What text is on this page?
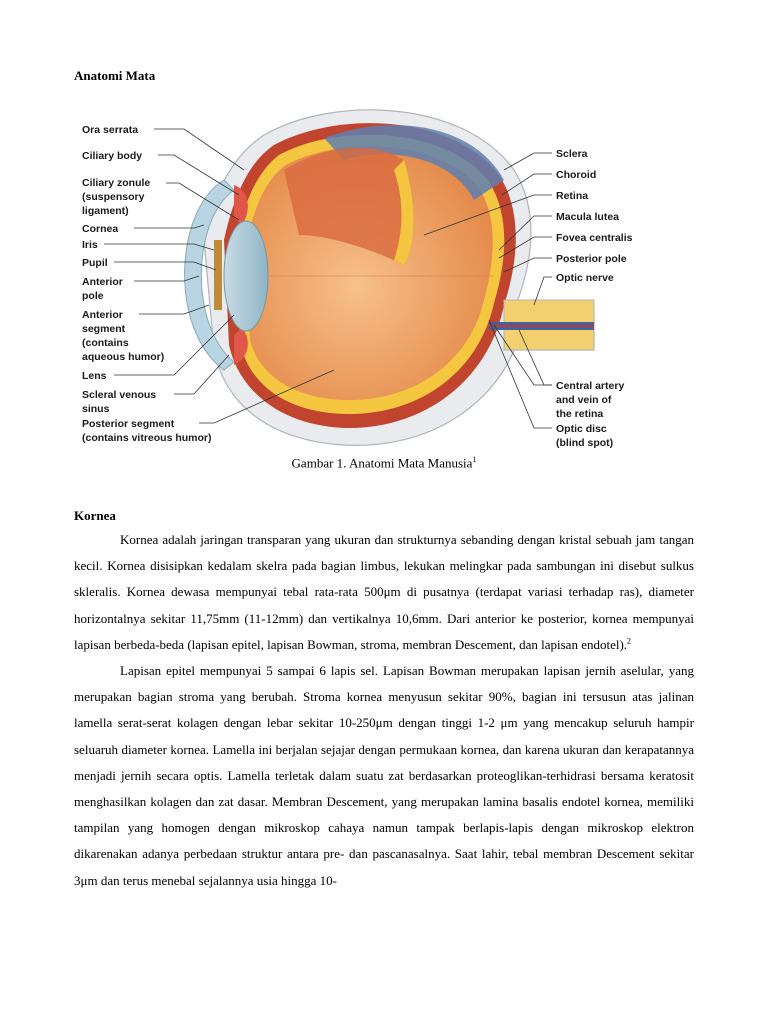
Anatomi Mata
Ora serrata
Ciliary body
Ciliary zonule
(suspensory
ligament)
Cornea
Iris
Pupil
Anterior
pole
Anterior
segment
(contains
aqueous humor)
Lens
Scleral venous
sinus
Posterior segment
(contains vitreous humor)
Sclera
Choroid
Retina
Macula lutea
Fovea centralis
Posterior pole
Optic nerve
Central artery
and vein of
the retina
Optic disc
(blind spot)
Gambar 1. Anatomi Mata Manusia$^1$
Kornea

Kornea adalah jaringan transparan yang ukuran dan strukturnya sebanding dengan kristal sebuah jam tangan kecil. Kornea disisipkan kedalam skelra pada bagian limbus, lekukan melingkar pada sambungan ini disebut sulkus skleralis. Kornea dewasa mempunyai tebal rata-rata 500μm di pusatnya (terdapat variasi terhadap ras), diameter horizontalnya sekitar 11,75mm (11-12mm) dan vertikalnya 10,6mm. Dari anterior ke posterior, kornea mempunyai lapisan berbeda-beda (lapisan epitel, lapisan Bowman, stroma, membran Descement, dan lapisan endotel).$^2$

Lapisan epitel mempunyai 5 sampai 6 lapis sel. Lapisan Bowman merupakan lapisan jernih aselular, yang merupakan bagian stroma yang berubah. Stroma kornea menyusun sekitar 90%, bagian ini tersusun atas jalinan lamella serat-serat kolagen dengan lebar sekitar 10-250μm dengan tinggi 1-2 μm yang mencakup seluruh hampir seluaruh diameter kornea. Lamella ini berjalan sejajar dengan permukaan kornea, dan karena ukuran dan kerapatannya menjadi jernih secara optis. Lamella terletak dalam suatu zat berdasarkan proteoglikan-terhidrasi bersama keratosit menghasilkan kolagen dan zat dasar. Membran Descement, yang merupakan lamina basalis endotel kornea, memiliki tampilan yang homogen dengan mikroskop cahaya namun tampak berlapis-lapis dengan mikroskop elektron dikarenakan adanya perbedaan struktur antara pre- dan pascanasalnya. Saat lahir, tebal membran Descement sekitar 3μm dan terus menebal sejalannya usia hingga 10-
